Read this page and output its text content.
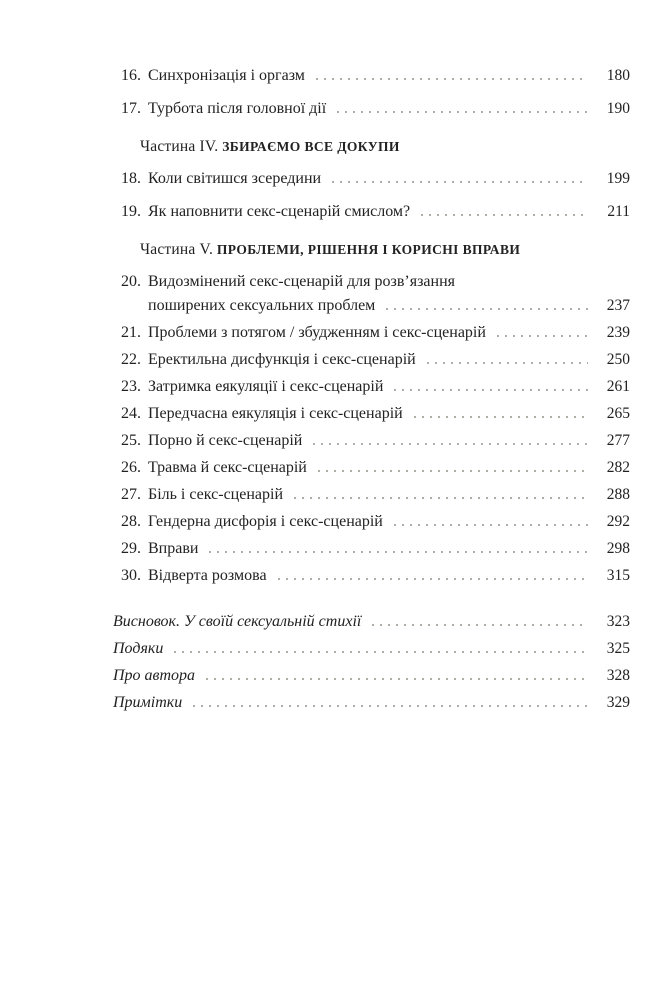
16. Синхронізація і оргазм	180
17. Турбота після головної дії	190
Частина IV. ЗБИРАЄМО ВСЕ ДОКУПИ
18. Коли світишся зсередини	199
19. Як наповнити секс-сценарій смислом?	211
Частина V. ПРОБЛЕМИ, РІШЕННЯ І КОРИСНІ ВПРАВИ
20. Видозмінений секс-сценарій для розв’язання
поширених сексуальних проблем	237
21. Проблеми з потягом / збудженням і секс-сценарій	239
22. Еректильна дисфункція і секс-сценарій	250
23. Затримка еякуляції і секс-сценарій	261
24. Передчасна еякуляція і секс-сценарій	265
25. Порно й секс-сценарій	277
26. Травма й секс-сценарій	282
27. Біль і секс-сценарій	288
28. Гендерна дисфорія і секс-сценарій	292
29. Вправи	298
30. Відверта розмова	315
Висновок. У своїй сексуальній стихії	323
Подяки	325
Про автора	328
Примітки	329
